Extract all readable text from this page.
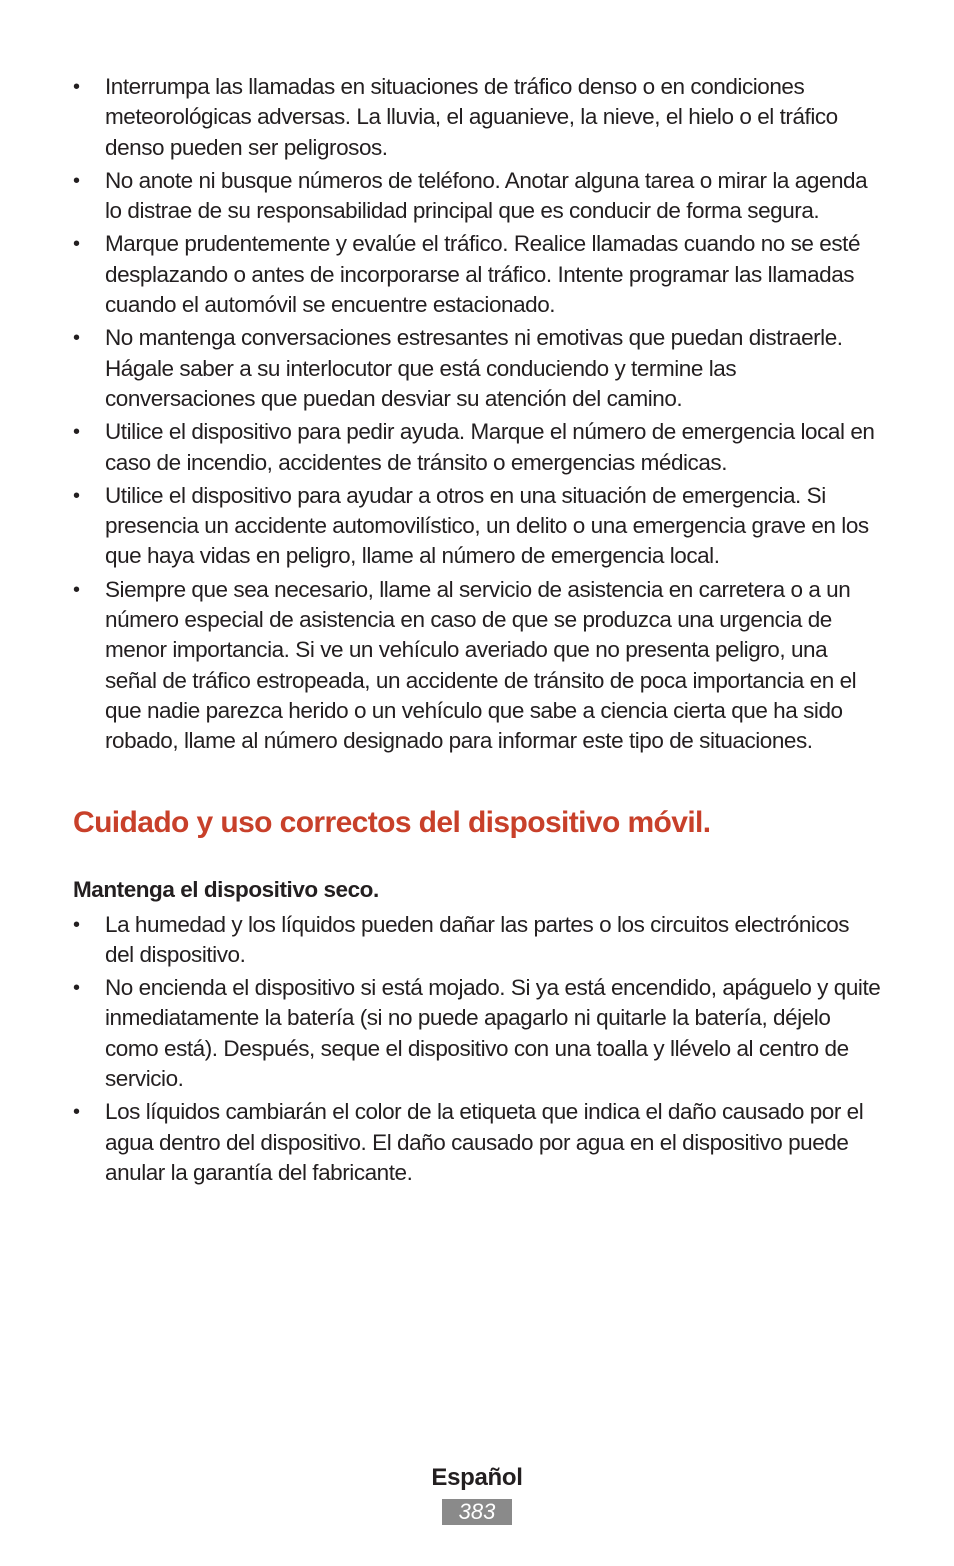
• Interrumpa las llamadas en situaciones de tráfico denso o en condiciones meteorológicas adversas. La lluvia, el aguanieve, la nieve, el hielo o el tráfico denso pueden ser peligrosos.
• No anote ni busque números de teléfono. Anotar alguna tarea o mirar la agenda lo distrae de su responsabilidad principal que es conducir de forma segura.
• Marque prudentemente y evalúe el tráfico. Realice llamadas cuando no se esté desplazando o antes de incorporarse al tráfico. Intente programar las llamadas cuando el automóvil se encuentre estacionado.
• No mantenga conversaciones estresantes ni emotivas que puedan distraerle. Hágale saber a su interlocutor que está conduciendo y termine las conversaciones que puedan desviar su atención del camino.
• Utilice el dispositivo para pedir ayuda. Marque el número de emergencia local en caso de incendio, accidentes de tránsito o emergencias médicas.
• Utilice el dispositivo para ayudar a otros en una situación de emergencia. Si presencia un accidente automovilístico, un delito o una emergencia grave en los que haya vidas en peligro, llame al número de emergencia local.
• Siempre que sea necesario, llame al servicio de asistencia en carretera o a un número especial de asistencia en caso de que se produzca una urgencia de menor importancia. Si ve un vehículo averiado que no presenta peligro, una señal de tráfico estropeada, un accidente de tránsito de poca importancia en el que nadie parezca herido o un vehículo que sabe a ciencia cierta que ha sido robado, llame al número designado para informar este tipo de situaciones.
Cuidado y uso correctos del dispositivo móvil.
Mantenga el dispositivo seco.
• La humedad y los líquidos pueden dañar las partes o los circuitos electrónicos del dispositivo.
• No encienda el dispositivo si está mojado. Si ya está encendido, apáguelo y quite inmediatamente la batería (si no puede apagarlo ni quitarle la batería, déjelo como está). Después, seque el dispositivo con una toalla y llévelo al centro de servicio.
• Los líquidos cambiarán el color de la etiqueta que indica el daño causado por el agua dentro del dispositivo. El daño causado por agua en el dispositivo puede anular la garantía del fabricante.
Español
383
